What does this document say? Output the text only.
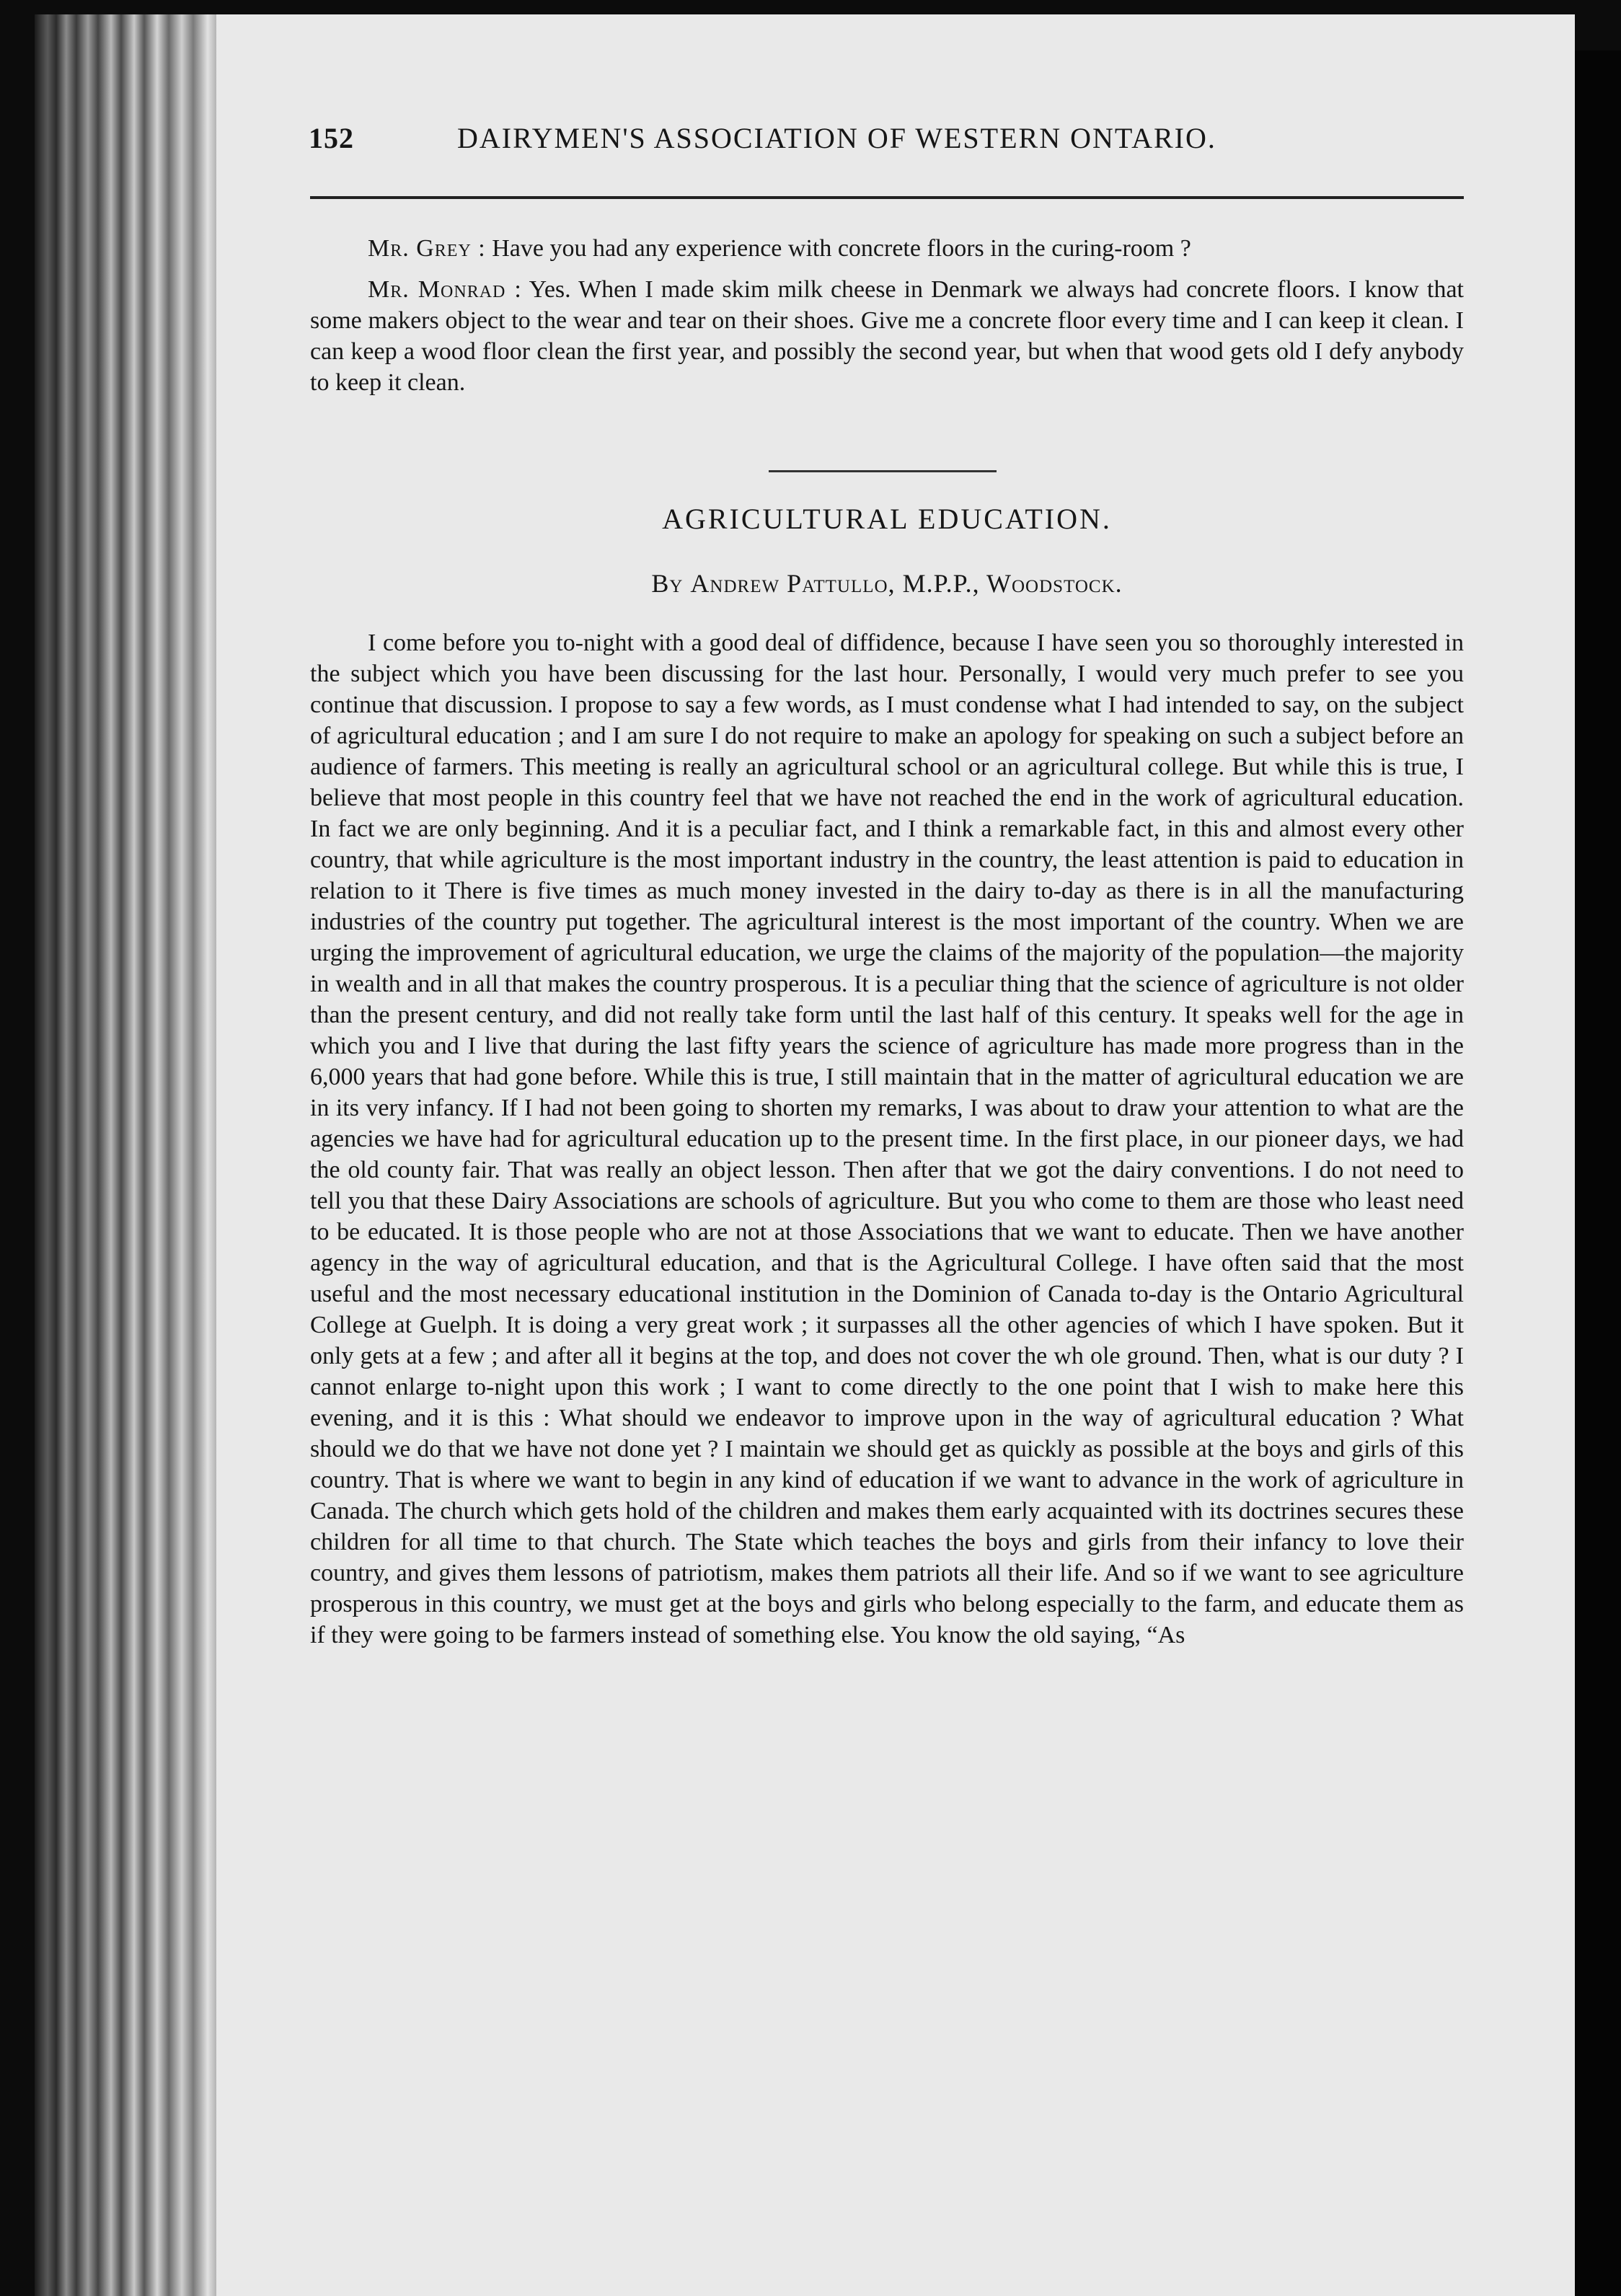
152	DAIRYMEN'S ASSOCIATION OF WESTERN ONTARIO.

Mr. Grey : Have you had any experience with concrete floors in the curing-room ?

Mr. Monrad : Yes. When I made skim milk cheese in Denmark we always had concrete floors. I know that some makers object to the wear and tear on their shoes. Give me a concrete floor every time and I can keep it clean. I can keep a wood floor clean the first year, and possibly the second year, but when that wood gets old I defy anybody to keep it clean.

AGRICULTURAL EDUCATION.

By Andrew Pattullo, M.P.P., Woodstock.

I come before you to-night with a good deal of diffidence, because I have seen you so thoroughly interested in the subject which you have been discussing for the last hour. Personally, I would very much prefer to see you continue that discussion. I propose to say a few words, as I must condense what I had intended to say, on the subject of agricultural education ; and I am sure I do not require to make an apology for speaking on such a subject before an audience of farmers. This meeting is really an agricultural school or an agricultural college. But while this is true, I believe that most people in this country feel that we have not reached the end in the work of agricultural education. In fact we are only beginning. And it is a peculiar fact, and I think a remarkable fact, in this and almost every other country, that while agriculture is the most important industry in the country, the least attention is paid to education in relation to it There is five times as much money invested in the dairy to-day as there is in all the manufacturing industries of the country put together. The agricultural interest is the most important of the country. When we are urging the improvement of agricultural education, we urge the claims of the majority of the population—the majority in wealth and in all that makes the country prosperous. It is a peculiar thing that the science of agriculture is not older than the present century, and did not really take form until the last half of this century. It speaks well for the age in which you and I live that during the last fifty years the science of agriculture has made more progress than in the 6,000 years that had gone before. While this is true, I still maintain that in the matter of agricultural education we are in its very infancy. If I had not been going to shorten my remarks, I was about to draw your attention to what are the agencies we have had for agricultural education up to the present time. In the first place, in our pioneer days, we had the old county fair. That was really an object lesson. Then after that we got the dairy conventions. I do not need to tell you that these Dairy Associations are schools of agriculture. But you who come to them are those who least need to be educated. It is those people who are not at those Associations that we want to educate. Then we have another agency in the way of agricultural education, and that is the Agricultural College. I have often said that the most useful and the most necessary educational institution in the Dominion of Canada to-day is the Ontario Agricultural College at Guelph. It is doing a very great work ; it surpasses all the other agencies of which I have spoken. But it only gets at a few ; and after all it begins at the top, and does not cover the wh ole ground. Then, what is our duty ? I cannot enlarge to-night upon this work ; I want to come directly to the one point that I wish to make here this evening, and it is this : What should we endeavor to improve upon in the way of agricultural education ? What should we do that we have not done yet ? I maintain we should get as quickly as possible at the boys and girls of this country. That is where we want to begin in any kind of education if we want to advance in the work of agriculture in Canada. The church which gets hold of the children and makes them early acquainted with its doctrines secures these children for all time to that church. The State which teaches the boys and girls from their infancy to love their country, and gives them lessons of patriotism, makes them patriots all their life. And so if we want to see agriculture prosperous in this country, we must get at the boys and girls who belong especially to the farm, and educate them as if they were going to be farmers instead of something else. You know the old saying, “As
